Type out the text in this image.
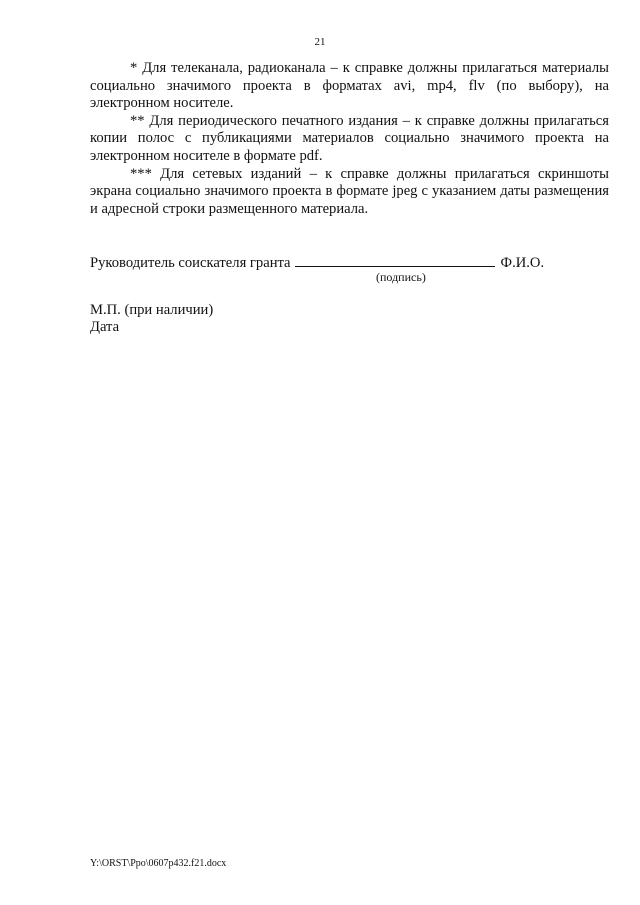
21

* Для телеканала, радиоканала – к справке должны прилагаться материалы социально значимого проекта в форматах avi, mp4, flv (по выбору), на электронном носителе.

** Для периодического печатного издания – к справке должны прилагаться копии полос с публикациями материалов социально значимого проекта на электронном носителе в формате pdf.

*** Для сетевых изданий – к справке должны прилагаться скриншоты экрана социально значимого проекта в формате jpeg с указанием даты размещения и адресной строки размещенного материала.

Руководитель соискателя гранта	Ф.И.О.
(подпись)
М.П. (при наличии)
Дата
Y:\ORST\Ppo\0607p432.f21.docx
